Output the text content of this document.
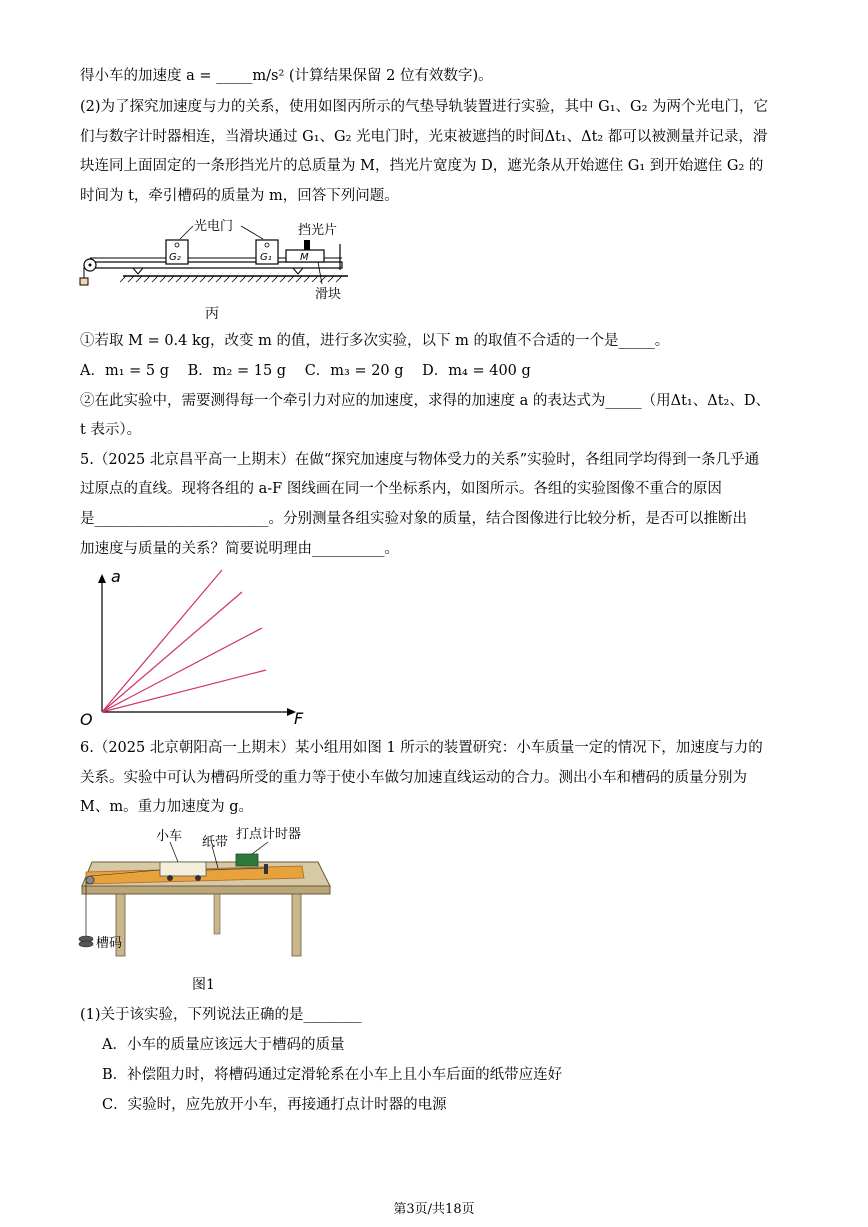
得小车的加速度 a = _____m/s² (计算结果保留 2 位有效数字)。
(2)为了探究加速度与力的关系，使用如图丙所示的气垫导轨装置进行实验，其中 G₁、G₂ 为两个光电门，它
们与数字计时器相连，当滑块通过 G₁、G₂ 光电门时，光束被遮挡的时间Δt₁、Δt₂ 都可以被测量并记录，滑
块连同上面固定的一条形挡光片的总质量为 M，挡光片宽度为 D，遮光条从开始遮住 G₁ 到开始遮住 G₂ 的
时间为 t，牵引槽码的质量为 m，回答下列问题。
光电门	挡光片
滑块
G₂	G₁	M
丙
①若取 M = 0.4 kg，改变 m 的值，进行多次实验，以下 m 的取值不合适的一个是_____。
A．m₁ = 5 g B．m₂ = 15 g C．m₃ = 20 g D．m₄ = 400 g
②在此实验中，需要测得每一个牵引力对应的加速度，求得的加速度 a 的表达式为_____（用Δt₁、Δt₂、D、
t 表示）。
5.（2025 北京昌平高一上期末）在做“探究加速度与物体受力的关系”实验时，各组同学均得到一条几乎通
过原点的直线。现将各组的 a-F 图线画在同一个坐标系内，如图所示。各组的实验图像不重合的原因
是________________________。分别测量各组实验对象的质量，结合图像进行比较分析，是否可以推断出
加速度与质量的关系？简要说明理由__________。
a
F
O
6.（2025 北京朝阳高一上期末）某小组用如图 1 所示的装置研究：小车质量一定的情况下，加速度与力的
关系。实验中可认为槽码所受的重力等于使小车做匀加速直线运动的合力。测出小车和槽码的质量分别为
M、m。重力加速度为 g。
小车 纸带
打点计时器
槽码
图1
(1)关于该实验，下列说法正确的是________
A．小车的质量应该远大于槽码的质量
B．补偿阻力时，将槽码通过定滑轮系在小车上且小车后面的纸带应连好
C．实验时，应先放开小车，再接通打点计时器的电源
第3页/共18页
